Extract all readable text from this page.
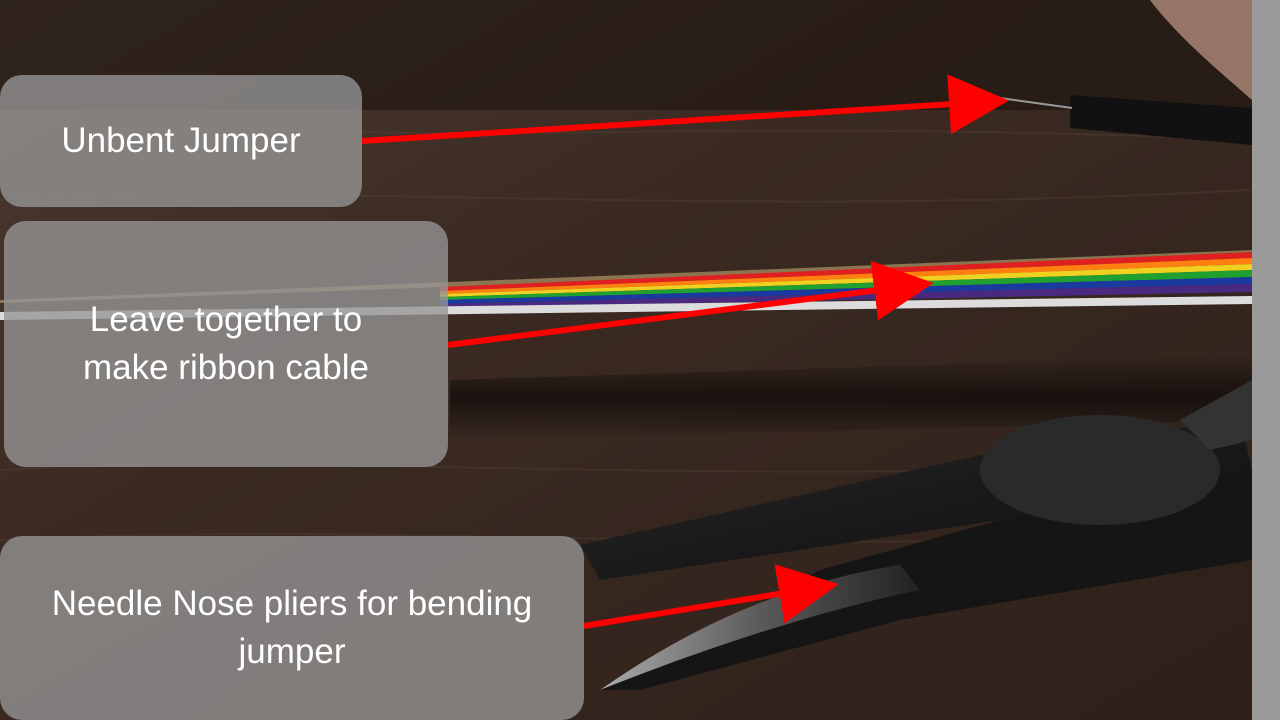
Unbent Jumper
Leave together to
make ribbon cable
Needle Nose pliers for bending
jumper
